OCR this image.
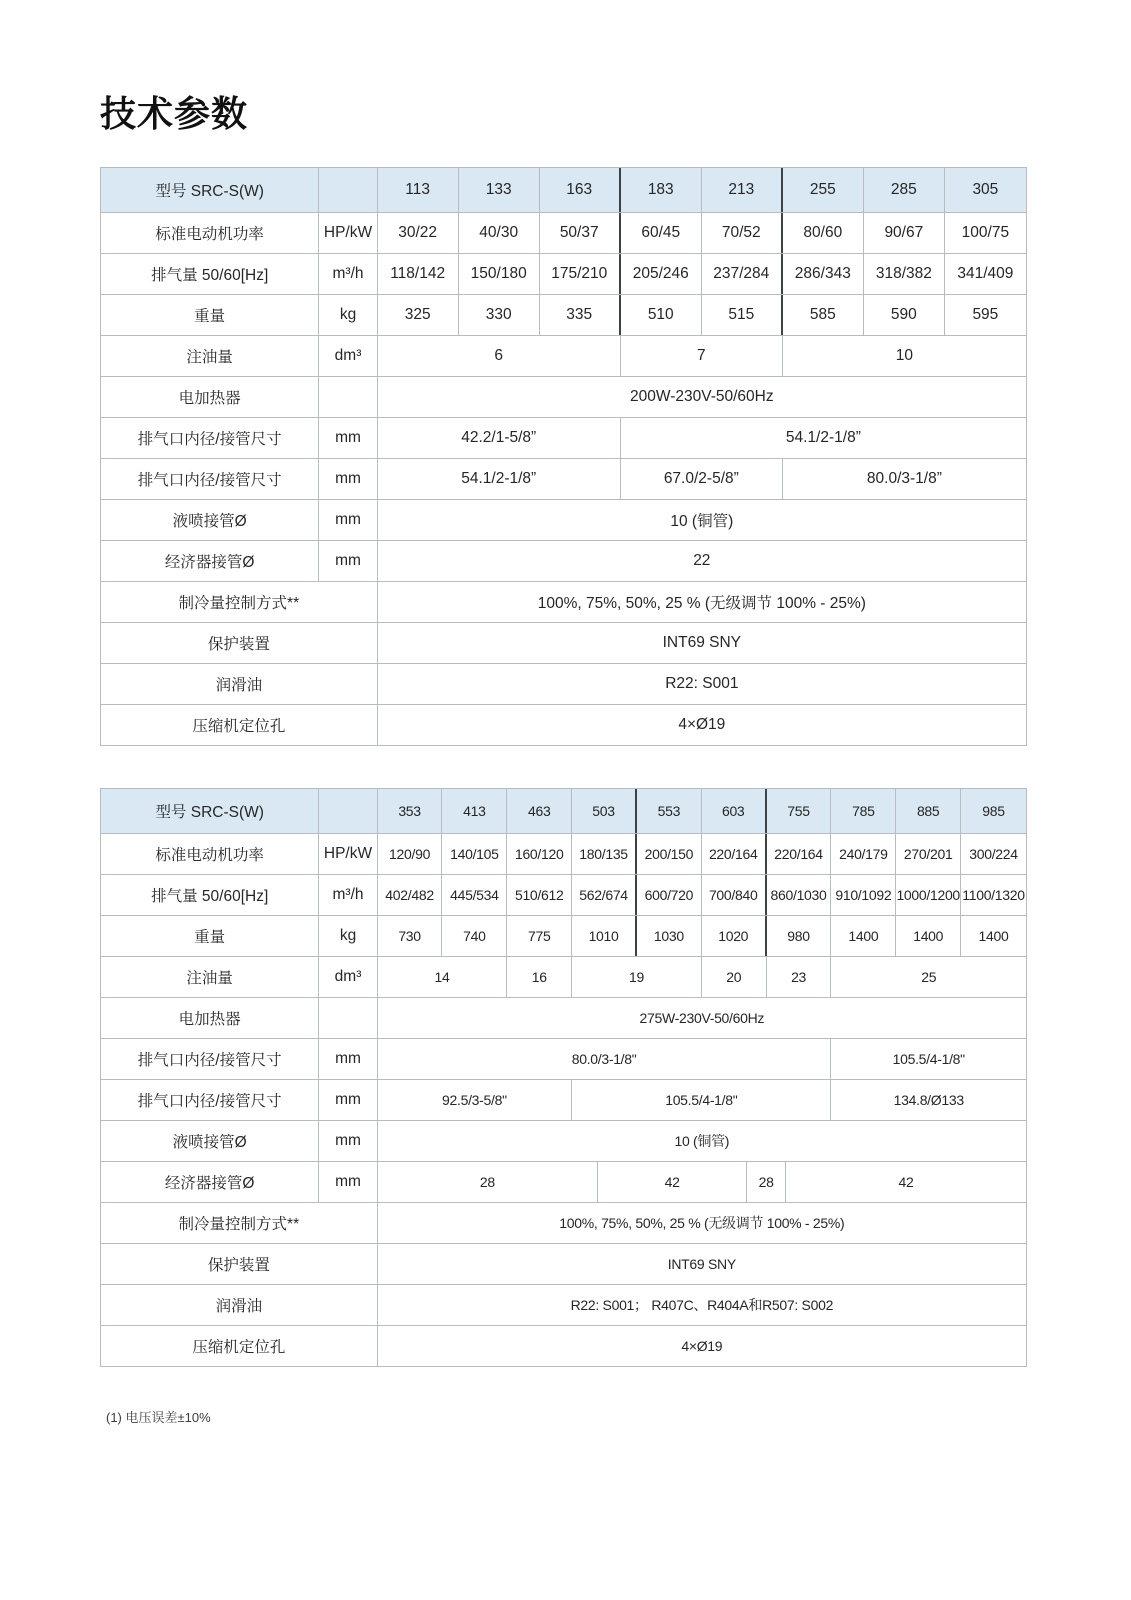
技术参数
型号 SRC-S(W)	113	133	163	183	213	255	285	305
标准电动机功率	HP/kW	30/22	40/30	50/37	60/45	70/52	80/60	90/67	100/75
排气量 50/60[Hz]	m³/h	118/142	150/180	175/210	205/246	237/284	286/343	318/382	341/409
重量	kg	325	330	335	510	515	585	590	595
注油量	dm³	6	7	10
电加热器	200W-230V-50/60Hz
排气口内径/接管尺寸	mm	42.2/1-5/8”	54.1/2-1/8”
排气口内径/接管尺寸	mm	54.1/2-1/8”	67.0/2-5/8”	80.0/3-1/8”
液喷接管Ø	mm	10 (铜管)
经济器接管Ø	mm	22
制冷量控制方式**	100%, 75%, 50%, 25 % (无级调节 100% - 25%)
保护装置	INT69 SNY
润滑油	R22: S001
压缩机定位孔	4×Ø19
型号 SRC-S(W)	353	413	463	503	553	603	755	785	885	985
标准电动机功率	HP/kW	120/90	140/105	160/120	180/135	200/150	220/164	220/164	240/179	270/201	300/224
排气量 50/60[Hz]	m³/h	402/482	445/534	510/612	562/674	600/720	700/840 860/1030 910/1092 1000/1200 1100/1320
重量	kg	730	740	775	1010	1030	1020	980	1400	1400	1400
注油量	dm³	14	16	19	20	23	25
电加热器	275W-230V-50/60Hz
排气口内径/接管尺寸	mm	80.0/3-1/8"	105.5/4-1/8"
排气口内径/接管尺寸	mm	92.5/3-5/8"	105.5/4-1/8"	134.8/Ø133
液喷接管Ø	mm	10 (铜管)
经济器接管Ø	mm	28	42	28	42
制冷量控制方式**	100%, 75%, 50%, 25 % (无级调节 100% - 25%)
保护装置	INT69 SNY
润滑油	R22: S001； R407C、R404A和R507: S002
压缩机定位孔	4×Ø19
(1) 电压误差±10%
